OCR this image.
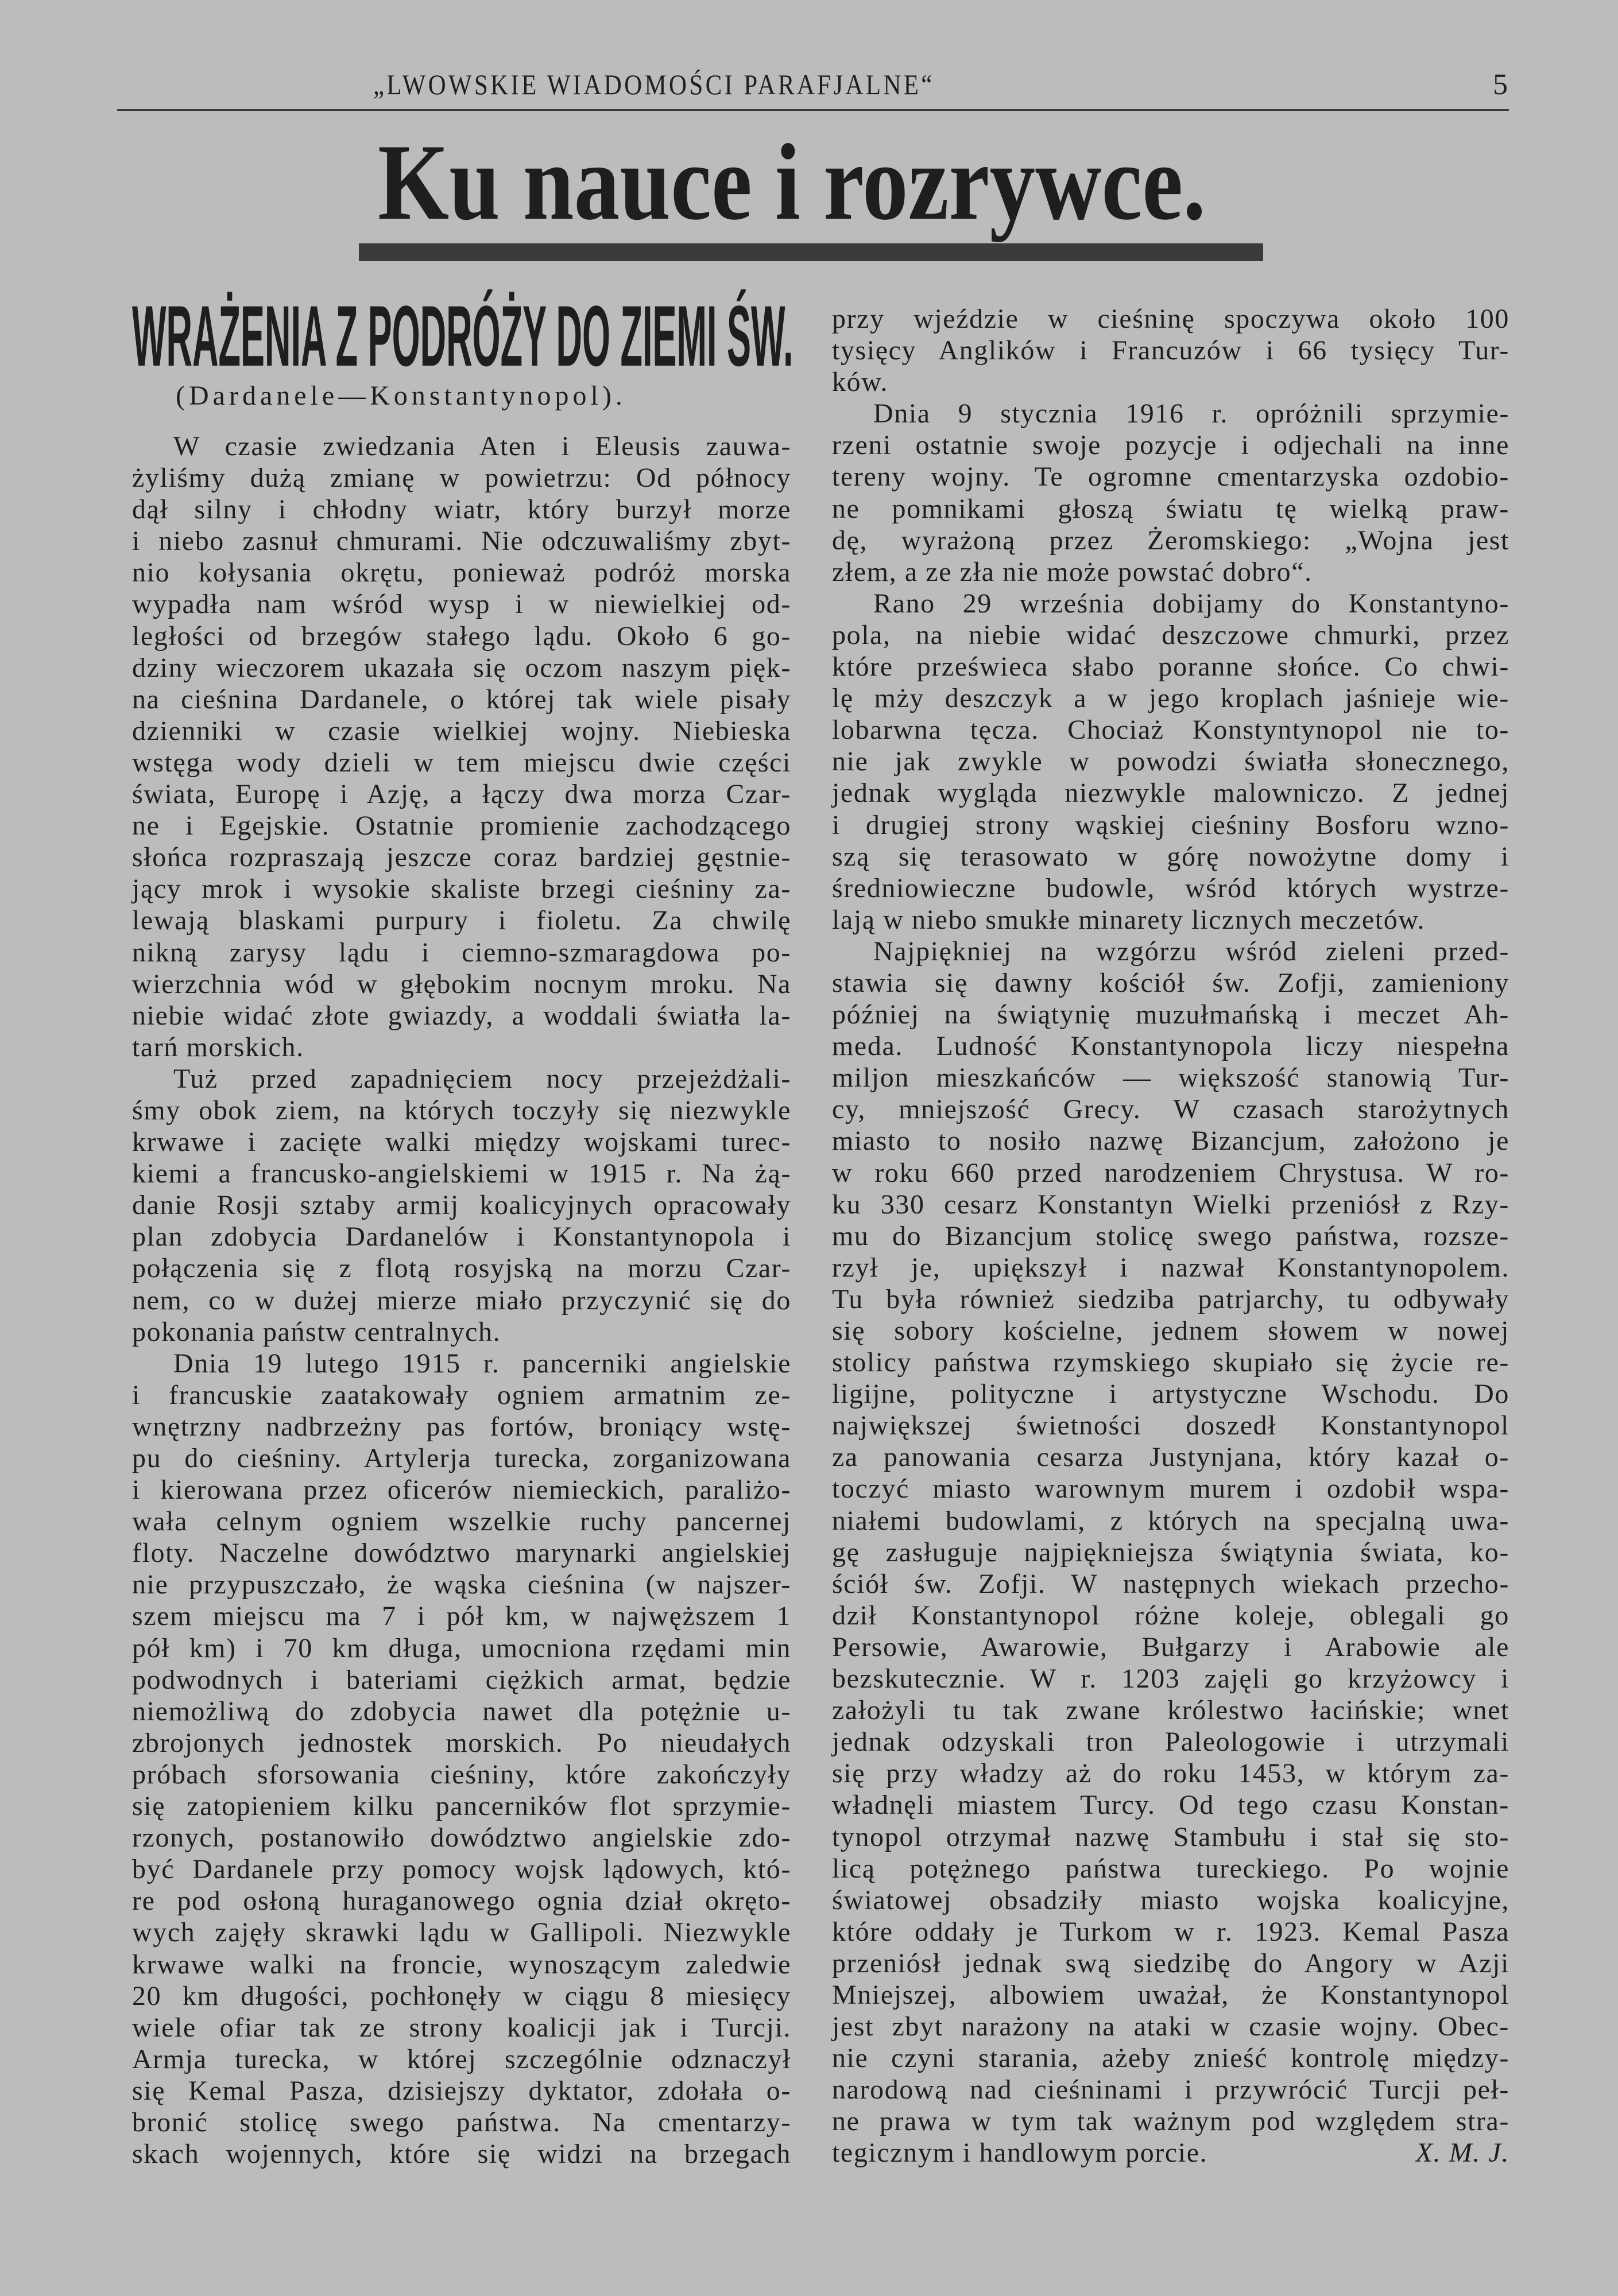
„LWOWSKIE WIADOMOŚCI PARAFJALNE“	5
Ku nauce i rozrywce.
WRAŻENIA Z PODRÓŻY DO ZIEMI ŚW.
(Dardanele—Konstantynopol).
W czasie zwiedzania Aten i Eleusis zauwa-
żyliśmy dużą zmianę w powietrzu: Od północy
dął silny i chłodny wiatr, który burzył morze
i niebo zasnuł chmurami. Nie odczuwaliśmy zbyt-
nio kołysania okrętu, ponieważ podróż morska
wypadła nam wśród wysp i w niewielkiej od-
ległości od brzegów stałego lądu. Około 6 go-
dziny wieczorem ukazała się oczom naszym pięk-
na cieśnina Dardanele, o której tak wiele pisały
dzienniki w czasie wielkiej wojny. Niebieska
wstęga wody dzieli w tem miejscu dwie części
świata, Europę i Azję, a łączy dwa morza Czar-
ne i Egejskie. Ostatnie promienie zachodzącego
słońca rozpraszają jeszcze coraz bardziej gęstnie-
jący mrok i wysokie skaliste brzegi cieśniny za-
lewają blaskami purpury i fioletu. Za chwilę
nikną zarysy lądu i ciemno-szmaragdowa po-
wierzchnia wód w głębokim nocnym mroku. Na
niebie widać złote gwiazdy, a woddali światła la-
tarń morskich.
Tuż przed zapadnięciem nocy przejeżdżali-
śmy obok ziem, na których toczyły się niezwykle
krwawe i zacięte walki między wojskami turec-
kiemi a francusko-angielskiemi w 1915 r. Na żą-
danie Rosji sztaby armij koalicyjnych opracowały
plan zdobycia Dardanelów i Konstantynopola i
połączenia się z flotą rosyjską na morzu Czar-
nem, co w dużej mierze miało przyczynić się do
pokonania państw centralnych.
Dnia 19 lutego 1915 r. pancerniki angielskie
i francuskie zaatakowały ogniem armatnim ze-
wnętrzny nadbrzeżny pas fortów, broniący wstę-
pu do cieśniny. Artylerja turecka, zorganizowana
i kierowana przez oficerów niemieckich, paraliżo-
wała celnym ogniem wszelkie ruchy pancernej
floty. Naczelne dowództwo marynarki angielskiej
nie przypuszczało, że wąska cieśnina (w najszer-
szem miejscu ma 7 i pół km, w najwęższem 1
pół km) i 70 km długa, umocniona rzędami min
podwodnych i bateriami ciężkich armat, będzie
niemożliwą do zdobycia nawet dla potężnie u-
zbrojonych jednostek morskich. Po nieudałych
próbach sforsowania cieśniny, które zakończyły
się zatopieniem kilku pancerników flot sprzymie-
rzonych, postanowiło dowództwo angielskie zdo-
być Dardanele przy pomocy wojsk lądowych, któ-
re pod osłoną huraganowego ognia dział okręto-
wych zajęły skrawki lądu w Gallipoli. Niezwykle
krwawe walki na froncie, wynoszącym zaledwie
20 km długości, pochłonęły w ciągu 8 miesięcy
wiele ofiar tak ze strony koalicji jak i Turcji.
Armja turecka, w której szczególnie odznaczył
się Kemal Pasza, dzisiejszy dyktator, zdołała o-
bronić stolicę swego państwa. Na cmentarzy-
skach wojennych, które się widzi na brzegach
przy wjeździe w cieśninę spoczywa około 100
tysięcy Anglików i Francuzów i 66 tysięcy Tur-
ków.
Dnia 9 stycznia 1916 r. opróżnili sprzymie-
rzeni ostatnie swoje pozycje i odjechali na inne
tereny wojny. Te ogromne cmentarzyska ozdobio-
ne pomnikami głoszą światu tę wielką praw-
dę, wyrażoną przez Żeromskiego: „Wojna jest
złem, a ze zła nie może powstać dobro“.
Rano 29 września dobijamy do Konstantyno-
pola, na niebie widać deszczowe chmurki, przez
które prześwieca słabo poranne słońce. Co chwi-
lę mży deszczyk a w jego kroplach jaśnieje wie-
lobarwna tęcza. Chociaż Konstyntynopol nie to-
nie jak zwykle w powodzi światła słonecznego,
jednak wygląda niezwykle malowniczo. Z jednej
i drugiej strony wąskiej cieśniny Bosforu wzno-
szą się terasowato w górę nowożytne domy i
średniowieczne budowle, wśród których wystrze-
lają w niebo smukłe minarety licznych meczetów.
Najpiękniej na wzgórzu wśród zieleni przed-
stawia się dawny kościół św. Zofji, zamieniony
później na świątynię muzułmańską i meczet Ah-
meda. Ludność Konstantynopola liczy niespełna
miljon mieszkańców — większość stanowią Tur-
cy, mniejszość Grecy. W czasach starożytnych
miasto to nosiło nazwę Bizancjum, założono je
w roku 660 przed narodzeniem Chrystusa. W ro-
ku 330 cesarz Konstantyn Wielki przeniósł z Rzy-
mu do Bizancjum stolicę swego państwa, rozsze-
rzył je, upiększył i nazwał Konstantynopolem.
Tu była również siedziba patrjarchy, tu odbywały
się sobory kościelne, jednem słowem w nowej
stolicy państwa rzymskiego skupiało się życie re-
ligijne, polityczne i artystyczne Wschodu. Do
największej świetności doszedł Konstantynopol
za panowania cesarza Justynjana, który kazał o-
toczyć miasto warownym murem i ozdobił wspa-
niałemi budowlami, z których na specjalną uwa-
gę zasługuje najpiękniejsza świątynia świata, ko-
ściół św. Zofji. W następnych wiekach przecho-
dził Konstantynopol różne koleje, oblegali go
Persowie, Awarowie, Bułgarzy i Arabowie ale
bezskutecznie. W r. 1203 zajęli go krzyżowcy i
założyli tu tak zwane królestwo łacińskie; wnet
jednak odzyskali tron Paleologowie i utrzymali
się przy władzy aż do roku 1453, w którym za-
władnęli miastem Turcy. Od tego czasu Konstan-
tynopol otrzymał nazwę Stambułu i stał się sto-
licą potężnego państwa tureckiego. Po wojnie
światowej obsadziły miasto wojska koalicyjne,
które oddały je Turkom w r. 1923. Kemal Pasza
przeniósł jednak swą siedzibę do Angory w Azji
Mniejszej, albowiem uważał, że Konstantynopol
jest zbyt narażony na ataki w czasie wojny. Obec-
nie czyni starania, ażeby znieść kontrolę między-
narodową nad cieśninami i przywrócić Turcji peł-
ne prawa w tym tak ważnym pod względem stra-
tegicznym i handlowym porcie.	X. M. J.
